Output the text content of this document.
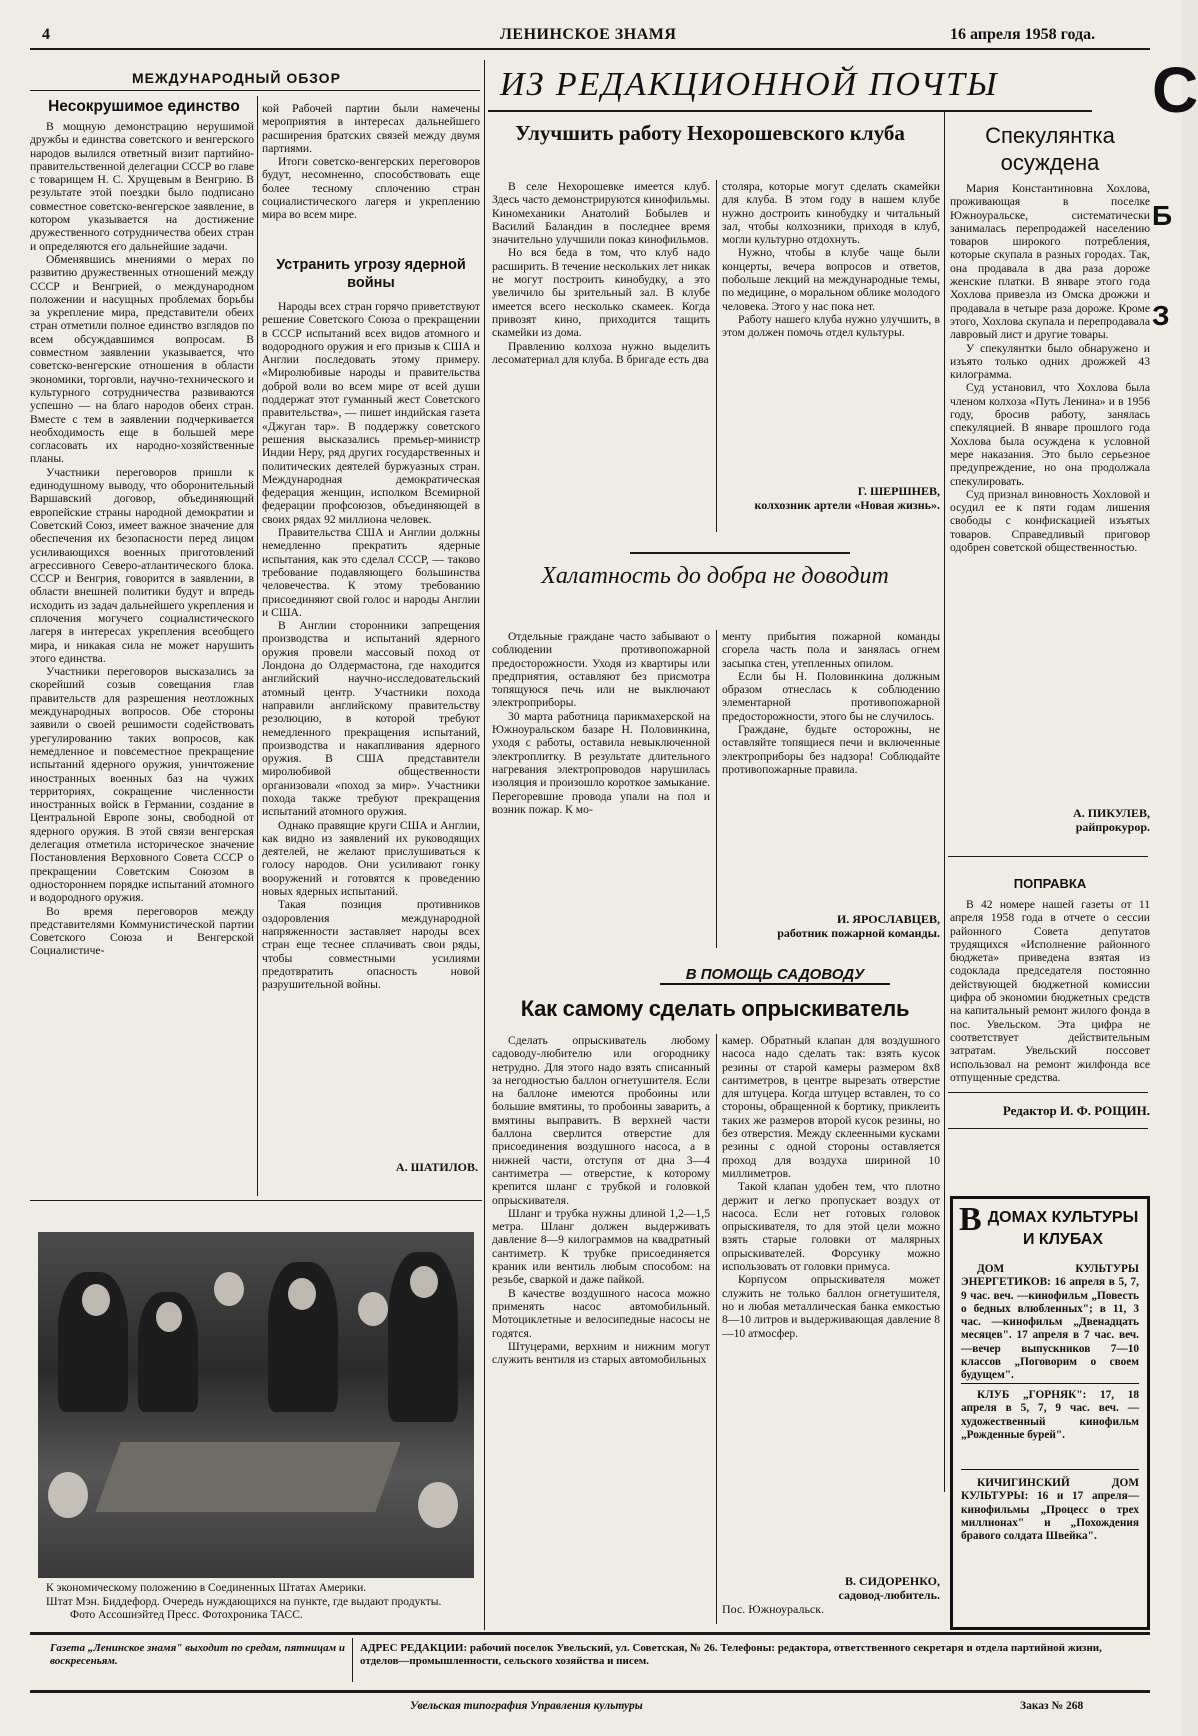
4	ЛЕНИНСКОЕ ЗНАМЯ	16 апреля 1958 года.
С
Б
З
МЕЖДУНАРОДНЫЙ ОБЗОР
Несокрушимое единство

В мощную демонстрацию нерушимой дружбы и единства советского и венгерского народов вылился ответный визит партийно-правительственной делегации СССР во главе с товарищем Н. С. Хрущевым в Венгрию. В результате этой поездки было подписано совместное советско-венгерское заявление, в котором указывается на достижение дружественного сотрудничества обеих стран и определяются его дальнейшие задачи.

Обменявшись мнениями о мерах по развитию дружественных отношений между СССР и Венгрией, о международном положении и насущных проблемах борьбы за укрепление мира, представители обеих стран отметили полное единство взглядов по всем обсуждавшимся вопросам. В совместном заявлении указывается, что советско-венгерские отношения в области экономики, торговли, научно-технического и культурного сотрудничества развиваются успешно — на благо народов обеих стран. Вместе с тем в заявлении подчеркивается необходимость еще в большей мере согласовать их народно-хозяйственные планы.

Участники переговоров пришли к единодушному выводу, что оборонительный Варшавский договор, объединяющий европейские страны народной демократии и Советский Союз, имеет важное значение для обеспечения их безопасности перед лицом усиливающихся военных приготовлений агрессивного Северо-атлантического блока. СССР и Венгрия, говорится в заявлении, в области внешней политики будут и впредь исходить из задач дальнейшего укрепления и сплочения могучего социалистического лагеря в интересах укрепления всеобщего мира, и никакая сила не может нарушить этого единства.

Участники переговоров высказались за скорейший созыв совещания глав правительств для разрешения неотложных международных вопросов. Обе стороны заявили о своей решимости содействовать урегулированию таких вопросов, как немедленное и повсеместное прекращение испытаний ядерного оружия, уничтожение иностранных военных баз на чужих территориях, сокращение численности иностранных войск в Германии, создание в Центральной Европе зоны, свободной от ядерного оружия. В этой связи венгерская делегация отметила историческое значение Постановления Верховного Совета СССР о прекращении Советским Союзом в одностороннем порядке испытаний атомного и водородного оружия.

Во время переговоров между представителями Коммунистической партии Советского Союза и Венгерской Социалистиче-

кой Рабочей партии были намечены мероприятия в интересах дальнейшего расширения братских связей между двумя партиями.

Итоги советско-венгерских переговоров будут, несомненно, способствовать еще более тесному сплочению стран социалистического лагеря и укреплению мира во всем мире.

Устранить угрозу ядерной войны

Народы всех стран горячо приветствуют решение Советского Союза о прекращении в СССР испытаний всех видов атомного и водородного оружия и его призыв к США и Англии последовать этому примеру. «Миролюбивые народы и правительства доброй воли во всем мире от всей души поддержат этот гуманный жест Советского правительства», — пишет индийская газета «Джуган тар». В поддержку советского решения высказались премьер-министр Индии Неру, ряд других государственных и политических деятелей буржуазных стран. Международная демократическая федерация женщин, исполком Всемирной федерации профсоюзов, объединяющей в своих рядах 92 миллиона человек.

Правительства США и Англии должны немедленно прекратить ядерные испытания, как это сделал СССР, — таково требование подавляющего большинства человечества. К этому требованию присоединяют свой голос и народы Англии и США.

В Англии сторонники запрещения производства и испытаний ядерного оружия провели массовый поход от Лондона до Олдермастона, где находится английский научно-исследовательский атомный центр. Участники похода направили английскому правительству резолюцию, в которой требуют немедленного прекращения испытаний, производства и накапливания ядерного оружия. В США представители миролюбивой общественности организовали «поход за мир». Участники похода также требуют прекращения испытаний атомного оружия.

Однако правящие круги США и Англии, как видно из заявлений их руководящих деятелей, не желают прислушиваться к голосу народов. Они усиливают гонку вооружений и готовятся к проведению новых ядерных испытаний.

Такая позиция противников оздоровления международной напряженности заставляет народы всех стран еще теснее сплачивать свои ряды, чтобы совместными усилиями предотвратить опасность новой разрушительной войны.

А. ШАТИЛОВ.
К экономическому положению в Соединенных Штатах Америки.
Штат Мэн. Биддефорд. Очередь нуждающихся на пункте, где выдают продукты.
Фото Ассошиэйтед Пресс. Фотохроника ТАСС.
ИЗ РЕДАКЦИОННОЙ ПОЧТЫ
Улучшить работу Нехорошевского клуба

В селе Нехорошевке имеется клуб. Здесь часто демонстрируются кинофильмы. Киномеханики Анатолий Бобылев и Василий Баландин в последнее время значительно улучшили показ кинофильмов.

Но вся беда в том, что клуб надо расширить. В течение нескольких лет никак не могут построить кинобудку, а это увеличило бы зрительный зал. В клубе имеется всего несколько скамеек. Когда привозят кино, приходится тащить скамейки из дома.

Правлению колхоза нужно выделить лесоматериал для клуба. В бригаде есть два

столяра, которые могут сделать скамейки для клуба. В этом году в нашем клубе нужно достроить кинобудку и читальный зал, чтобы колхозники, приходя в клуб, могли культурно отдохнуть.

Нужно, чтобы в клубе чаще были концерты, вечера вопросов и ответов, побольше лекций на международные темы, по медицине, о моральном облике молодого человека. Этого у нас пока нет.

Работу нашего клуба нужно улучшить, в этом должен помочь отдел культуры.

Г. ШЕРШНЕВ,
колхозник артели «Новая жизнь».
Спекулянтка осуждена

Мария Константиновна Хохлова, проживающая в поселке Южноуральске, систематически занималась перепродажей населению товаров широкого потребления, которые скупала в разных городах. Так, она продавала в два раза дороже женские платки. В январе этого года Хохлова привезла из Омска дрожжи и продавала в четыре раза дороже. Кроме этого, Хохлова скупала и перепродавала лавровый лист и другие товары.

У спекулянтки было обнаружено и изъято только одних дрожжей 43 килограмма.

Суд установил, что Хохлова была членом колхоза «Путь Ленина» и в 1956 году, бросив работу, занялась спекуляцией. В январе прошлого года Хохлова была осуждена к условной мере наказания. Это было серьезное предупреждение, но она продолжала спекулировать.

Суд признал виновность Хохловой и осудил ее к пяти годам лишения свободы с конфискацией изъятых товаров. Справедливый приговор одобрен советской общественностью.

А. ПИКУЛЕВ,
райпрокурор.
Халатность до добра не доводит

Отдельные граждане часто забывают о соблюдении противопожарной предосторожности. Уходя из квартиры или предприятия, оставляют без присмотра топящуюся печь или не выключают электроприборы.

30 марта работница парикмахерской на Южноуральском базаре Н. Половинкина, уходя с работы, оставила невыключенной электроплитку. В результате длительного нагревания электропроводов нарушилась изоляция и произошло короткое замыкание. Перегоревшие провода упали на пол и возник пожар. К мо-

менту прибытия пожарной команды сгорела часть пола и занялась огнем засыпка стен, утепленных опилом.

Если бы Н. Половинкина должным образом отнеслась к соблюдению элементарной противопожарной предосторожности, этого бы не случилось.

Граждане, будьте осторожны, не оставляйте топящиеся печи и включенные электроприборы без надзора! Соблюдайте противопожарные правила.

И. ЯРОСЛАВЦЕВ,
работник пожарной команды.
В ПОМОЩЬ САДОВОДУ
Как самому сделать опрыскиватель

Сделать опрыскиватель любому садоводу-любителю или огороднику нетрудно. Для этого надо взять списанный за негодностью баллон огнетушителя. Если на баллоне имеются пробоины или большие вмятины, то пробоины заварить, а вмятины выправить. В верхней части баллона сверлится отверстие для присоединения воздушного насоса, а в нижней части, отступя от дна 3—4 сантиметра — отверстие, к которому крепится шланг с трубкой и головкой опрыскивателя.

Шланг и трубка нужны длиной 1,2—1,5 метра. Шланг должен выдерживать давление 8—9 килограммов на квадратный сантиметр. К трубке присоединяется краник или вентиль любым способом: на резьбе, сваркой и даже пайкой.

В качестве воздушного насоса можно применять насос автомобильный. Мотоциклетные и велосипедные насосы не годятся.

Штуцерами, верхним и нижним могут служить вентиля из старых автомобильных

камер. Обратный клапан для воздушного насоса надо сделать так: взять кусок резины от старой камеры размером 8х8 сантиметров, в центре вырезать отверстие для штуцера. Когда штуцер вставлен, то со стороны, обращенной к бортику, приклеить таких же размеров второй кусок резины, но без отверстия. Между склеенными кусками резины с одной стороны оставляется проход для воздуха шириной 10 миллиметров.

Такой клапан удобен тем, что плотно держит и легко пропускает воздух от насоса. Если нет готовых головок опрыскивателя, то для этой цели можно взять старые головки от малярных опрыскивателей. Форсунку можно использовать от головки примуса.

Корпусом опрыскивателя может служить не только баллон огнетушителя, но и любая металлическая банка емкостью 8—10 литров и выдерживающая давление 8—10 атмосфер.

В. СИДОРЕНКО,
садовод-любитель.
Пос. Южноуральск.
ПОПРАВКА

В 42 номере нашей газеты от 11 апреля 1958 года в отчете о сессии районного Совета депутатов трудящихся «Исполнение районного бюджета» приведена взятая из содоклада председателя постоянно действующей бюджетной комиссии цифра об экономии бюджетных средств на капитальный ремонт жилого фонда в пос. Увельском. Эта цифра не соответствует действительным затратам. Увельский поссовет использовал на ремонт жилфонда все отпущенные средства.

Редактор И. Ф. РОЩИН.
В ДОМАХ КУЛЬТУРЫ И КЛУБАХ

ДОМ КУЛЬТУРЫ ЭНЕРГЕТИКОВ: 16 апреля в 5, 7, 9 час. веч. —кинофильм „Повесть о бедных влюбленных"; в 11, 3 час. —кинофильм „Двенадцать месяцев". 17 апреля в 7 час. веч. —вечер выпускников 7—10 классов „Поговорим о своем будущем".

КЛУБ „ГОРНЯК": 17, 18 апреля в 5, 7, 9 час. веч. —художественный кинофильм „Рожденные бурей".

КИЧИГИНСКИЙ ДОМ КУЛЬТУРЫ: 16 и 17 апреля—кинофильмы „Процесс о трех миллионах" и „Похождения бравого солдата Швейка".

Газета „Ленинское знамя" выходит по средам, пятницам и воскресеньям.
АДРЕС РЕДАКЦИИ: рабочий поселок Увельский, ул. Советская, № 26. Телефоны: редактора, ответственного секретаря и отдела партийной жизни, отделов—промышленности, сельского хозяйства и писем.
Увельская типография Управления культуры	Заказ № 268
